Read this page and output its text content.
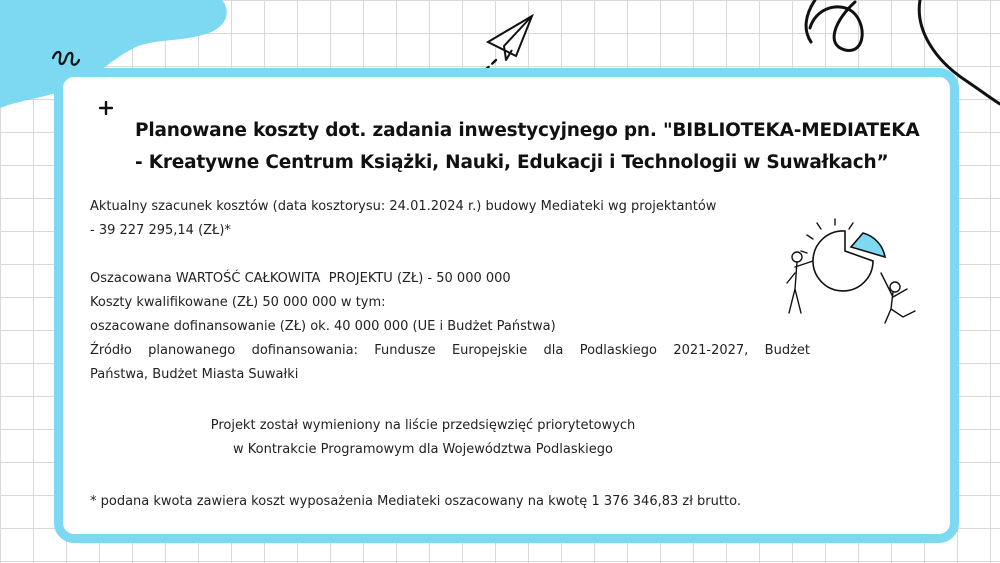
Planowane koszty dot. zadania inwestycyjnego pn. "BIBLIOTEKA-MEDIATEKA
- Kreatywne Centrum Książki, Nauki, Edukacji i Technologii w Suwałkach”
Aktualny szacunek kosztów (data kosztorysu: 24.01.2024 r.) budowy Mediateki wg projektantów
- 39 227 295,14 (ZŁ)*
Oszacowana WARTOŚĆ CAŁKOWITA  PROJEKTU (ZŁ) - 50 000 000
Koszty kwalifikowane (ZŁ) 50 000 000 w tym:
oszacowane dofinansowanie (ZŁ) ok. 40 000 000 (UE i Budżet Państwa)
Źródło planowanego dofinansowania: Fundusze Europejskie dla Podlaskiego 2021-2027, Budżet
Państwa, Budżet Miasta Suwałki
Projekt został wymieniony na liście przedsięwzięć priorytetowych
w Kontrakcie Programowym dla Województwa Podlaskiego
* podana kwota zawiera koszt wyposażenia Mediateki oszacowany na kwotę 1 376 346,83 zł brutto.
